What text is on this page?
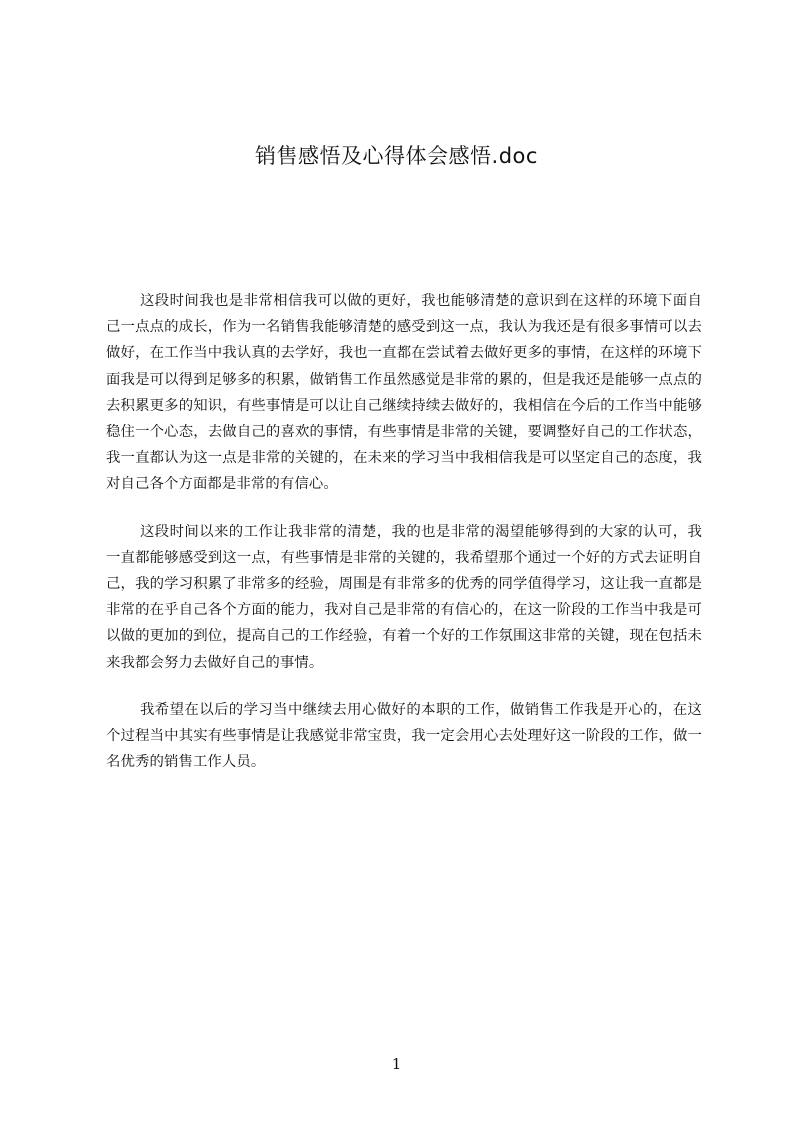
销售感悟及心得体会感悟.doc

这段时间我也是非常相信我可以做的更好，我也能够清楚的意识到在这样的环境下面自己一点点的成长，作为一名销售我能够清楚的感受到这一点，我认为我还是有很多事情可以去做好，在工作当中我认真的去学好，我也一直都在尝试着去做好更多的事情，在这样的环境下面我是可以得到足够多的积累，做销售工作虽然感觉是非常的累的，但是我还是能够一点点的去积累更多的知识，有些事情是可以让自己继续持续去做好的，我相信在今后的工作当中能够稳住一个心态，去做自己的喜欢的事情，有些事情是非常的关键，要调整好自己的工作状态，我一直都认为这一点是非常的关键的，在未来的学习当中我相信我是可以坚定自己的态度，我对自己各个方面都是非常的有信心。

这段时间以来的工作让我非常的清楚，我的也是非常的渴望能够得到的大家的认可，我一直都能够感受到这一点，有些事情是非常的关键的，我希望那个通过一个好的方式去证明自己，我的学习积累了非常多的经验，周围是有非常多的优秀的同学值得学习，这让我一直都是非常的在乎自己各个方面的能力，我对自己是非常的有信心的，在这一阶段的工作当中我是可以做的更加的到位，提高自己的工作经验，有着一个好的工作氛围这非常的关键，现在包括未来我都会努力去做好自己的事情。

我希望在以后的学习当中继续去用心做好的本职的工作，做销售工作我是开心的，在这个过程当中其实有些事情是让我感觉非常宝贵，我一定会用心去处理好这一阶段的工作，做一名优秀的销售工作人员。

1
